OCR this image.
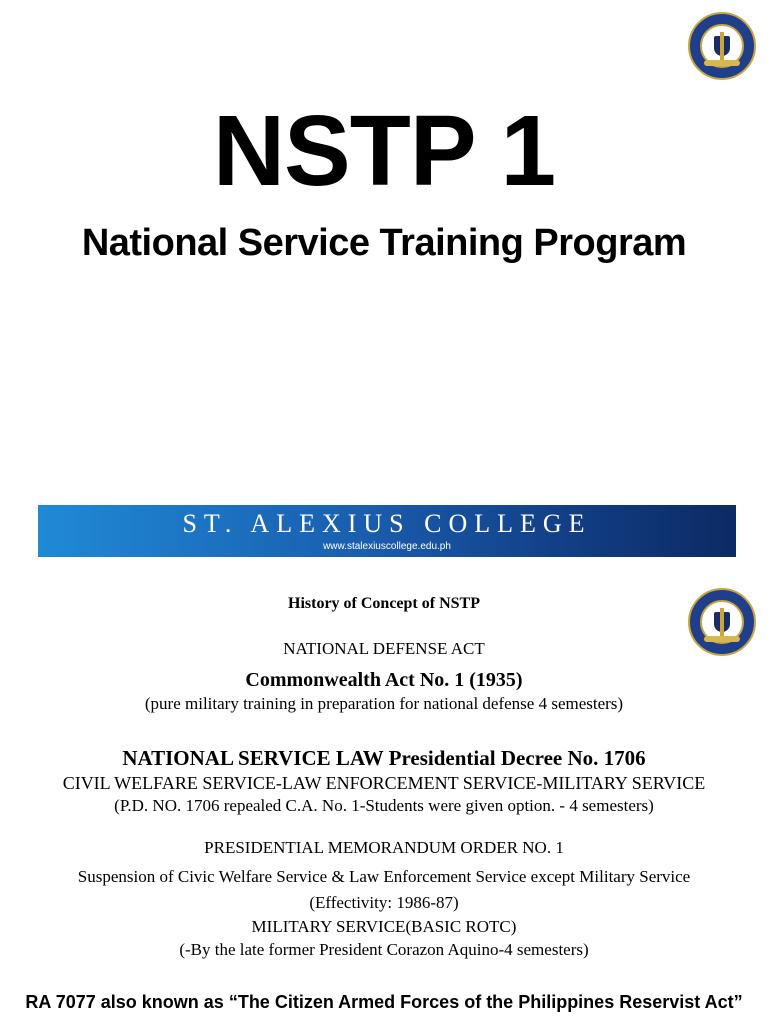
NSTP 1
National Service Training Program
ST. ALEXIUS COLLEGE
www.stalexiuscollege.edu.ph
History of Concept of NSTP
NATIONAL DEFENSE ACT
Commonwealth Act No. 1 (1935)
(pure military training in preparation for national defense 4 semesters)
NATIONAL SERVICE LAW Presidential Decree No. 1706
CIVIL WELFARE SERVICE-LAW ENFORCEMENT SERVICE-MILITARY SERVICE
(P.D. NO. 1706 repealed C.A. No. 1-Students were given option. - 4 semesters)
PRESIDENTIAL MEMORANDUM ORDER NO. 1
Suspension of Civic Welfare Service & Law Enforcement Service except Military Service
(Effectivity: 1986-87)
MILITARY SERVICE(BASIC ROTC)
(-By the late former President Corazon Aquino-4 semesters)
RA 7077 also known as “The Citizen Armed Forces of the Philippines Reservist Act”
